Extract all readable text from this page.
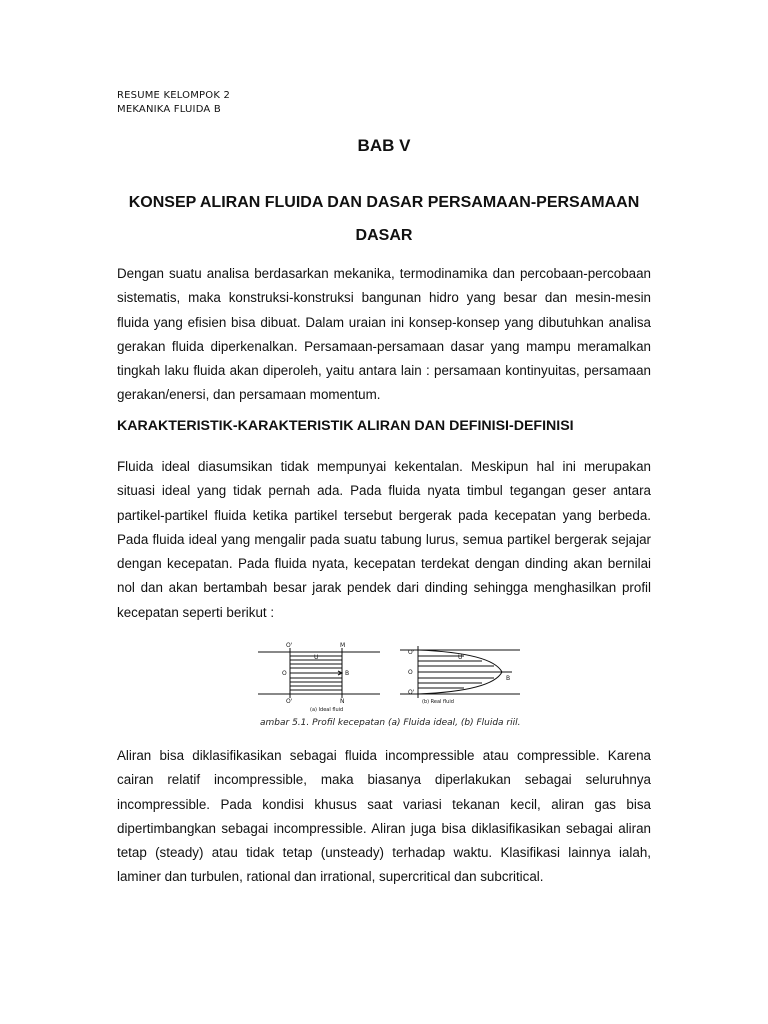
RESUME KELOMPOK 2
MEKANIKA FLUIDA B
BAB V
KONSEP ALIRAN FLUIDA DAN DASAR PERSAMAAN-PERSAMAAN DASAR

Dengan suatu analisa berdasarkan mekanika, termodinamika dan percobaan-percobaan sistematis, maka konstruksi-konstruksi bangunan hidro yang besar dan mesin-mesin fluida yang efisien bisa dibuat. Dalam uraian ini konsep-konsep yang dibutuhkan analisa gerakan fluida diperkenalkan. Persamaan-persamaan dasar yang mampu meramalkan tingkah laku fluida akan diperoleh, yaitu antara lain : persamaan kontinyuitas, persamaan gerakan/enersi, dan persamaan momentum.

KARAKTERISTIK-KARAKTERISTIK ALIRAN DAN DEFINISI-DEFINISI

Fluida ideal diasumsikan tidak mempunyai kekentalan. Meskipun hal ini merupakan situasi ideal yang tidak pernah ada. Pada fluida nyata timbul tegangan geser antara partikel-partikel fluida ketika partikel tersebut bergerak pada kecepatan yang berbeda. Pada fluida ideal yang mengalir pada suatu tabung lurus, semua partikel bergerak sejajar dengan kecepatan. Pada fluida nyata, kecepatan terdekat dengan dinding akan bernilai nol dan akan bertambah besar jarak pendek dari dinding sehingga menghasilkan profil kecepatan seperti berikut :

O'	M
O	B
O'	N
U
(a) Ideal fluid
O'
O
O'
B
U
(b) Real fluid
ambar 5.1. Profil kecepatan (a) Fluida ideal, (b) Fluida riil.

Aliran bisa diklasifikasikan sebagai fluida incompressible atau compressible. Karena cairan relatif incompressible, maka biasanya diperlakukan sebagai seluruhnya incompressible. Pada kondisi khusus saat variasi tekanan kecil, aliran gas bisa dipertimbangkan sebagai incompressible. Aliran juga bisa diklasifikasikan sebagai aliran tetap (steady) atau tidak tetap (unsteady) terhadap waktu. Klasifikasi lainnya ialah, laminer dan turbulen, rational dan irrational, supercritical dan subcritical.
